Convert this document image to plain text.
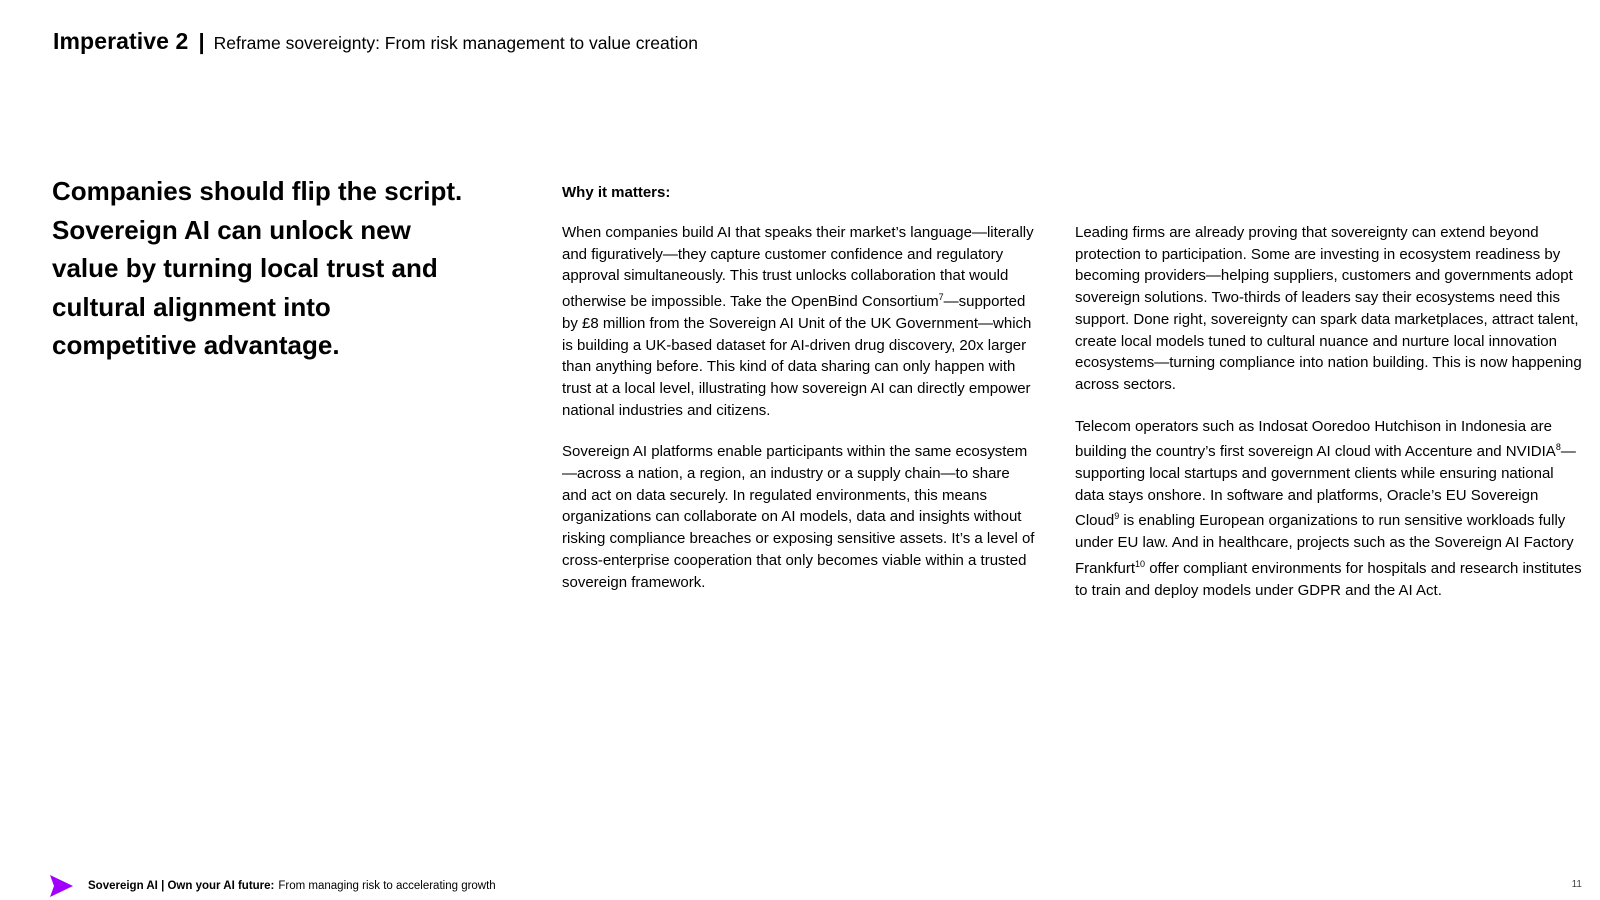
Imperative 2 | Reframe sovereignty: From risk management to value creation
Companies should flip the script. Sovereign AI can unlock new value by turning local trust and cultural alignment into competitive advantage.

Why it matters:

When companies build AI that speaks their market’s language—literally and figuratively—they capture customer confidence and regulatory approval simultaneously. This trust unlocks collaboration that would otherwise be impossible. Take the OpenBind Consortium$^7$—supported by £8 million from the Sovereign AI Unit of the UK Government—which is building a UK-based dataset for AI-driven drug discovery, 20x larger than anything before. This kind of data sharing can only happen with trust at a local level, illustrating how sovereign AI can directly empower national industries and citizens.

Sovereign AI platforms enable participants within the same ecosystem—across a nation, a region, an industry or a supply chain—to share and act on data securely. In regulated environments, this means organizations can collaborate on AI models, data and insights without risking compliance breaches or exposing sensitive assets. It’s a level of cross-enterprise cooperation that only becomes viable within a trusted sovereign framework.

Leading firms are already proving that sovereignty can extend beyond protection to participation. Some are investing in ecosystem readiness by becoming providers—helping suppliers, customers and governments adopt sovereign solutions. Two-thirds of leaders say their ecosystems need this support. Done right, sovereignty can spark data marketplaces, attract talent, create local models tuned to cultural nuance and nurture local innovation ecosystems—turning compliance into nation building. This is now happening across sectors.

Telecom operators such as Indosat Ooredoo Hutchison in Indonesia are building the country’s first sovereign AI cloud with Accenture and NVIDIA$^8$—supporting local startups and government clients while ensuring national data stays onshore. In software and platforms, Oracle’s EU Sovereign Cloud$^9$ is enabling European organizations to run sensitive workloads fully under EU law. And in healthcare, projects such as the Sovereign AI Factory Frankfurt$^{10}$ offer compliant environments for hospitals and research institutes to train and deploy models under GDPR and the AI Act.

Sovereign AI | Own your AI future: From managing risk to accelerating growth	11
